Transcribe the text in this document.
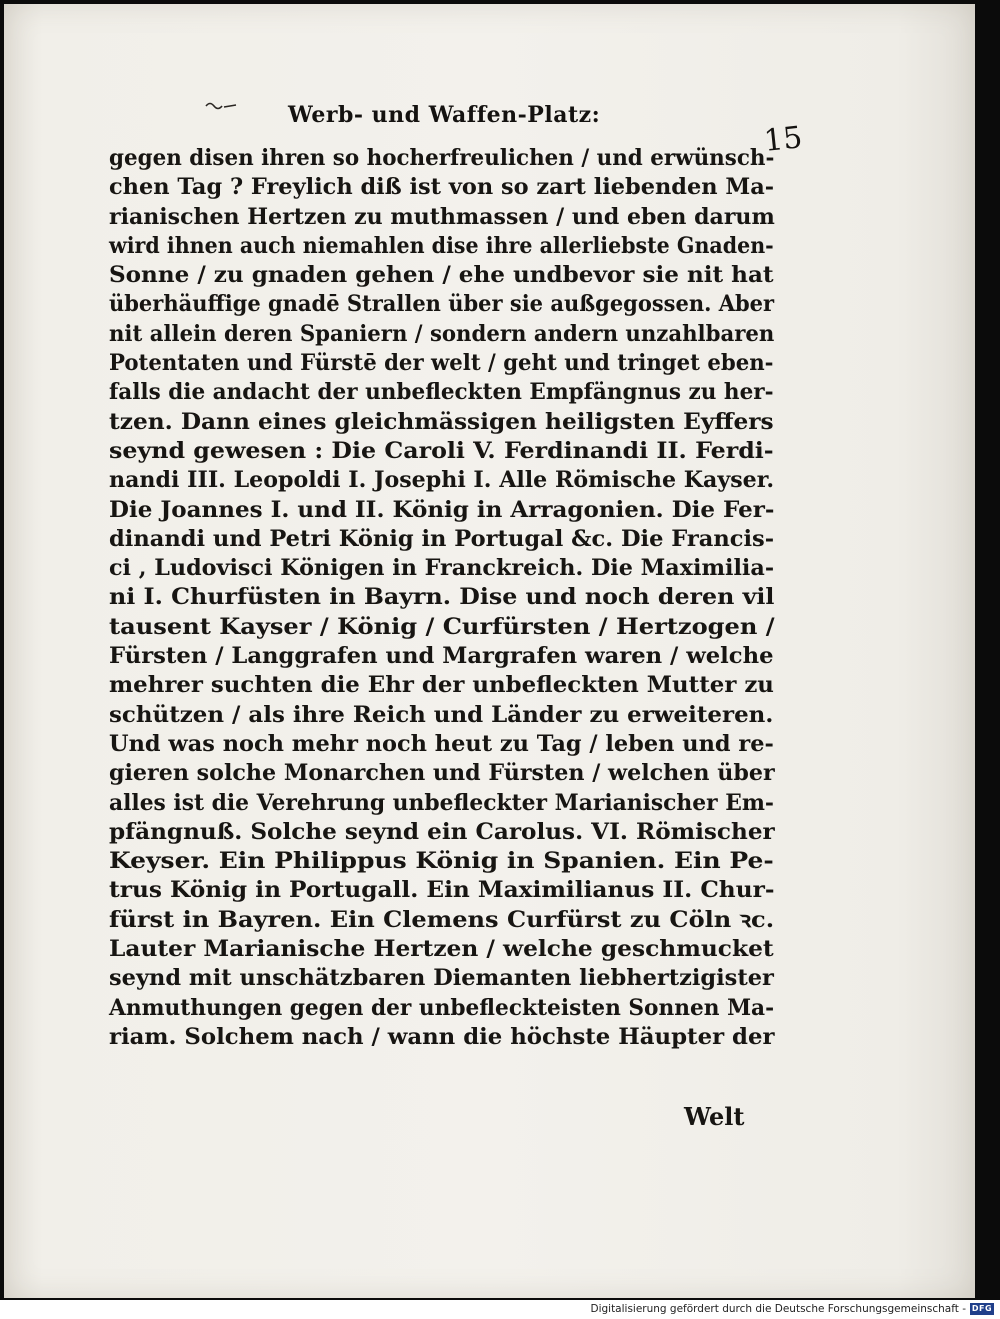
Werb- und Waffen-Platz:
15
gegen disen ihren so hocherfreulichen / und erwünsch-
chen Tag ? Freylich diß ist von so zart liebenden Ma-
rianischen Hertzen zu muthmassen / und eben darum
wird ihnen auch niemahlen dise ihre allerliebste Gnaden-
Sonne / zu gnaden gehen / ehe undbevor sie nit hat
überhäuffige gnadē Strallen über sie außgegossen. Aber
nit allein deren Spaniern / sondern andern unzahlbaren
Potentaten und Fürstē der welt / geht und tringet eben-
falls die andacht der unbefleckten Empfängnus zu her-
tzen. Dann eines gleichmässigen heiligsten Eyffers
seynd gewesen : Die Caroli V. Ferdinandi II. Ferdi-
nandi III. Leopoldi I. Josephi I. Alle Römische Kayser.
Die Joannes I. und II. König in Arragonien. Die Fer-
dinandi und Petri König in Portugal &c. Die Francis-
ci , Ludovisci Königen in Franckreich. Die Maximilia-
ni I. Churfüsten in Bayrn. Dise und noch deren vil
tausent Kayser / König / Curfürsten / Hertzogen /
Fürsten / Langgrafen und Margrafen waren / welche
mehrer suchten die Ehr der unbefleckten Mutter zu
schützen / als ihre Reich und Länder zu erweiteren.
Und was noch mehr noch heut zu Tag / leben und re-
gieren solche Monarchen und Fürsten / welchen über
alles ist die Verehrung unbefleckter Marianischer Em-
pfängnuß. Solche seynd ein Carolus. VI. Römischer
Keyser. Ein Philippus König in Spanien. Ein Pe-
trus König in Portugall. Ein Maximilianus II. Chur-
fürst in Bayren. Ein Clemens Curfürst zu Cöln ꝛc.
Lauter Marianische Hertzen / welche geschmucket
seynd mit unschätzbaren Diemanten liebhertzigister
Anmuthungen gegen der unbefleckteisten Sonnen Ma-
riam. Solchem nach / wann die höchste Häupter der
Welt
Digitalisierung gefördert durch die Deutsche Forschungsgemeinschaft - DFG
